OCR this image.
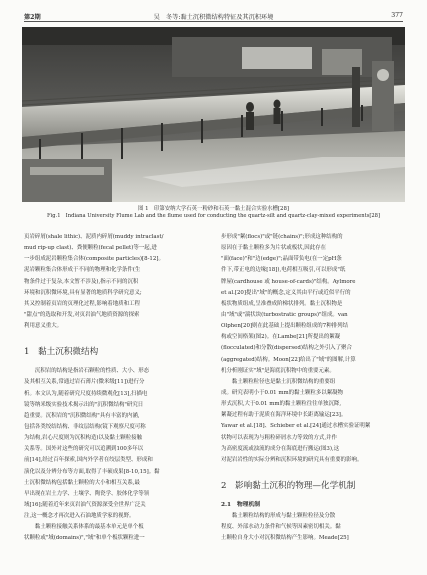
第2期	吴　冬等:黏土沉积微结构特征及其沉积环境	377
图 1　印第安纳大学石英一粉砂和石英一黏土混合实验水槽[28]
Fig.1　Indiana University Flume Lab and the flume used for conducting the quartz-silt and quartz-clay-mixed experiments[28]

页岩碎屑(shale lithic)、泥质内碎屑(muddy intraclast/
mud rip-up clast)、粪便颗粒(fecal pellet)等一起,进
一步组成泥岩颗粒集合体(composite particles)[8-12]。
泥岩颗粒集合体形成于不同的物理和化学条件(生
物条件过于复杂,本文暂不涉及),指示不同的沉积
环境和沉积微环境,具有显著的地质科学研究意义;
其又控制着页岩的页理化过程,影响着地质和工程
"甜点"的选取和开发,对页岩油气地质资源的探索
利用意义重大。

1　黏土沉积微结构

　　沉积岩的结构是指岩石颗粒的性质、大小、形态
及其相互关系,常通过岩石薄片(微米级[11])进行分
析。本文认为,随着研究尺度持续微观化[13],扫描电
镜等纳米级实验技术揭示出的"沉积微结构"研究日
趋重要。沉积岩的"沉积微结构"具有丰富的内涵,
包括各类绞结结构、非纹层结构(镜下观察尺度可称
为结构,岩心尺度则为沉积构造)以及黏土颗粒接触
关系等。国外对这些的研究可以追溯到100多年以
前[14],经过百年探索,国内外学者在绞层类型、形成和
演化以及分辨分布等方面,取得了丰硕成果[8-10,15]。黏
土沉积微结构包括黏土颗粒的大小和相互关系,最
早出现在岩土力学、土壤学、陶瓷学、胶体化学等领
域[16];随着近年来页岩油气资源深受全世界广泛关
注,这一概念才再次进入石油地质学家的视野。
　　黏土颗粒接触关系体系的最基本单元是单个板
状颗粒或"域(domains)","域"和单个板状颗粒进一

步形成"絮(flocs)"或"链(chains)";形成这种结构的
原因在于黏土颗粒多为片状或板状,因此存在
"面(face)"和"边(edge)";晶面带负电(在一定pH条
件下,带正电的边缘[18]),电荷相互吸引,可以形成"纸
牌屋(cardhouse 或 house-of-cards)"结构。Aylmore
et al.[20]提出"域"的概念,定义其由平行或近似平行的
板状物质组成,呈准叠成阶梯状排列。黏土沉积物是
由"域"或"湍状块(turbostratic groups)"组成。van
Olphen[20]则在此基础上提出颗粒组成的7种排列结
构或空间格架(图2)。在Lambe[21]所提出的絮凝
(flocculated)和分散(dispersed)结构之外引入了聚合
(aggregated)结构。Moon[22]给出了"域"的图解,计算
机分析刚证实"域"是海底沉积物中的重要元素。
　　黏土颗粒粒径也是黏土沉积微结构的重要组
成。研究表明小于0.01 mm的黏土颗粒多以絮凝物
形式沉积,大于0.01 mm的黏土颗粒往往单独沉降,
絮凝过程有助于泥质在海洋环境中长距离输运[23]。
Yawar et al.[18]、Schieber et al.[24]通过水槽实验证明絮
状物可以表现为与粗粒碎屑水力等效的方式,并作
为高密度流或浊流的成分在海底进行搬运(图3),这
对泥岩岩性的实际分辨和沉积环境的研究具有重要的影响。

2　影响黏土沉积的物理—化学机制
2.1　物理机制

　　黏土颗粒结构的形成与黏土颗粒粒径及分散
程度、外部水动力条件和气候等因素密切相关。黏
土颗粒自身大小对沉积微结构产生影响。Meade[25]
